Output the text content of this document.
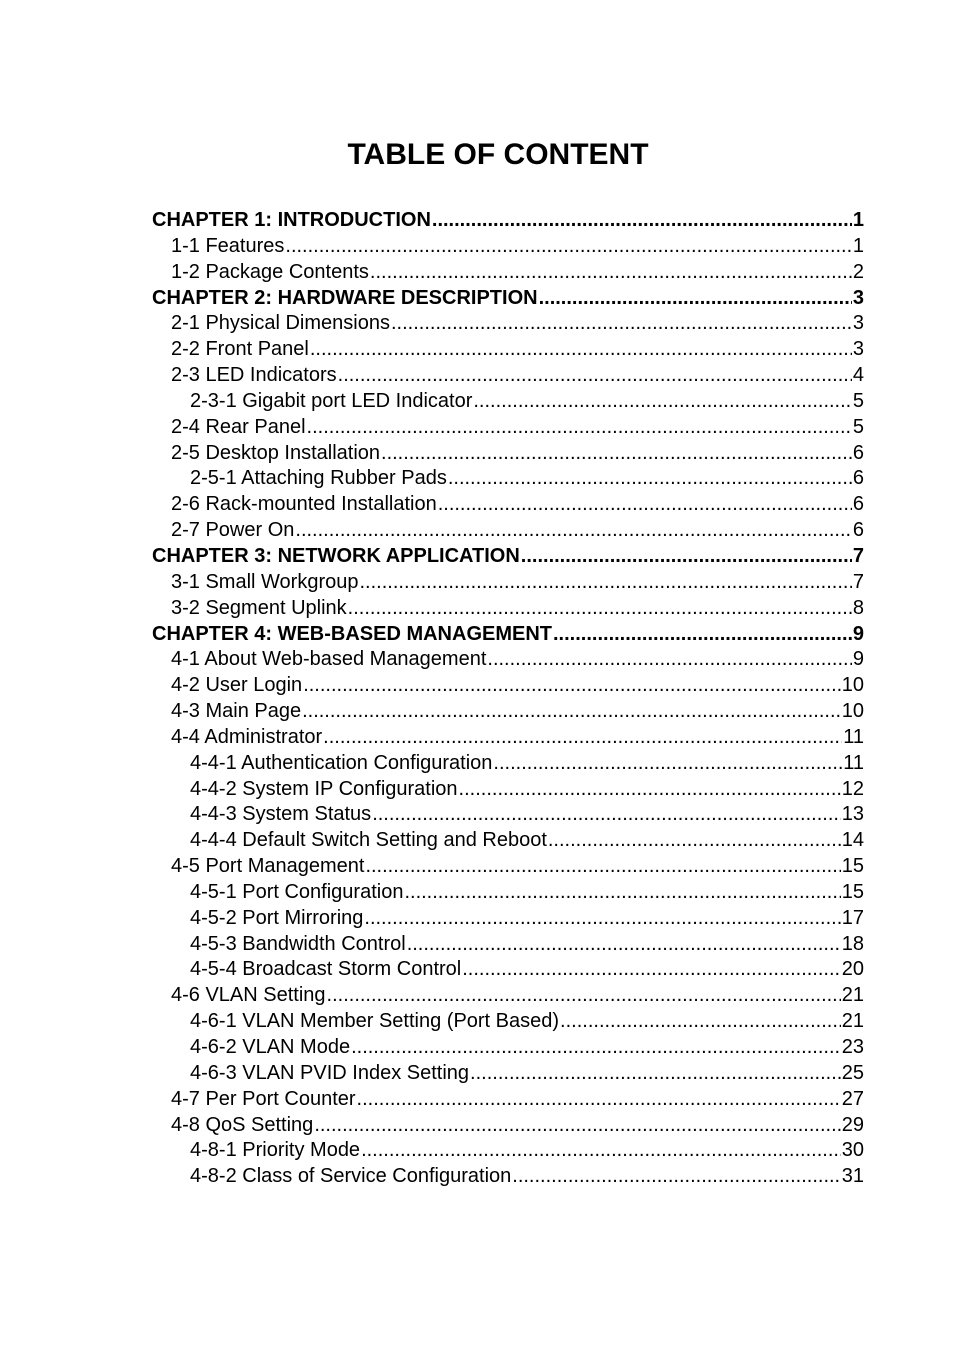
TABLE OF CONTENT
CHAPTER 1: INTRODUCTION .....	1
1-1 Features .....	1
1-2 Package Contents .....	2
CHAPTER 2: HARDWARE DESCRIPTION .....	3
2-1 Physical Dimensions .....	3
2-2 Front Panel .....	3
2-3 LED Indicators .....	4
2-3-1 Gigabit port LED Indicator .....	5
2-4 Rear Panel .....	5
2-5 Desktop Installation .....	6
2-5-1 Attaching Rubber Pads .....	6
2-6 Rack-mounted Installation .....	6
2-7 Power On .....	6
CHAPTER 3: NETWORK APPLICATION .....	7
3-1 Small Workgroup .....	7
3-2 Segment Uplink .....	8
CHAPTER 4: WEB-BASED MANAGEMENT .....	9
4-1 About Web-based Management .....	9
4-2 User Login .....	10
4-3 Main Page .....	10
4-4 Administrator .....	11
4-4-1 Authentication Configuration .....	11
4-4-2 System IP Configuration .....	12
4-4-3 System Status .....	13
4-4-4 Default Switch Setting and Reboot .....	14
4-5 Port Management .....	15
4-5-1 Port Configuration .....	15
4-5-2 Port Mirroring .....	17
4-5-3 Bandwidth Control .....	18
4-5-4 Broadcast Storm Control .....	20
4-6 VLAN Setting .....	21
4-6-1 VLAN Member Setting (Port Based) .....	21
4-6-2 VLAN Mode .....	23
4-6-3 VLAN PVID Index Setting .....	25
4-7 Per Port Counter .....	27
4-8 QoS Setting .....	29
4-8-1 Priority Mode .....	30
4-8-2 Class of Service Configuration .....	31
